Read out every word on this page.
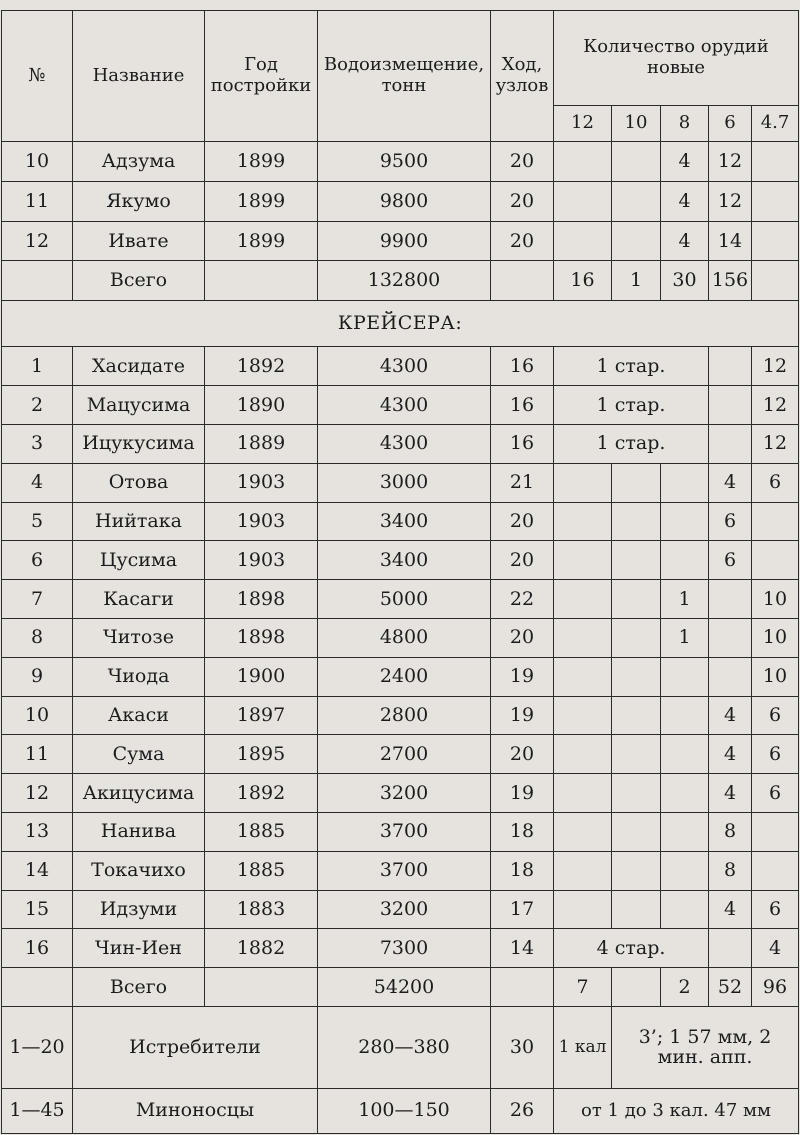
№	Название	Год постройки	Водоизмещение, тонн	Ход, узлов	Количество орудий новые				
					12	10	8	6	4.7
10	Адзума	1899	9500	20			4	12	
11	Якумо	1899	9800	20			4	12	
12	Ивате	1899	9900	20			4	14	
	Всего		132800		16	1	30	156	
КРЕЙСЕРА:									
1	Хасидате	1892	4300	16	1 стар.				12
2	Мацусима	1890	4300	16	1 стар.				12
3	Ицукусима	1889	4300	16	1 стар.				12
4	Отова	1903	3000	21				4	6
5	Нийтака	1903	3400	20				6	
6	Цусима	1903	3400	20				6	
7	Касаги	1898	5000	22			1		10
8	Читозе	1898	4800	20			1		10
9	Чиода	1900	2400	19					10
10	Акаси	1897	2800	19				4	6
11	Сума	1895	2700	20				4	6
12	Акицусима	1892	3200	19				4	6
13	Нанива	1885	3700	18				8	
14	Токачихо	1885	3700	18				8	
15	Идзуми	1883	3200	17				4	6
16	Чин-Иен	1882	7300	14	4 стар.				4
	Всего		54200		7		2	52	96
1—20	Истребители		280—380	30	1 кал	3’; 1 57 мм, 2 мин. апп.			
1—45	Миноносцы		100—150	26	от 1 до 3 кал. 47 мм				
